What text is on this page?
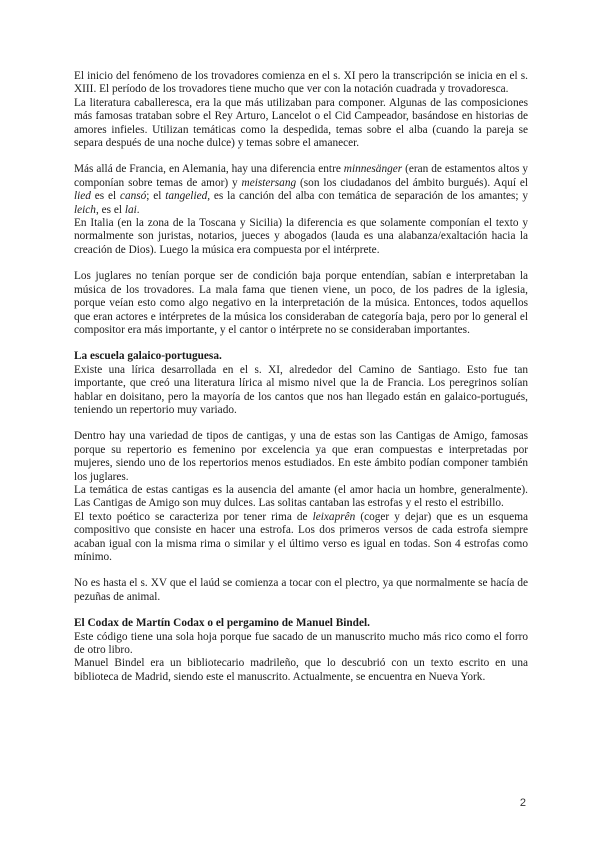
El inicio del fenómeno de los trovadores comienza en el s. XI pero la transcripción se inicia en el s. XIII. El período de los trovadores tiene mucho que ver con la notación cuadrada y trovadoresca.

La literatura caballeresca, era la que más utilizaban para componer. Algunas de las composiciones más famosas trataban sobre el Rey Arturo, Lancelot o el Cid Campeador, basándose en historias de amores infieles. Utilizan temáticas como la despedida, temas sobre el alba (cuando la pareja se separa después de una noche dulce) y temas sobre el amanecer.

Más allá de Francia, en Alemania, hay una diferencia entre minnesänger (eran de estamentos altos y componían sobre temas de amor) y meistersang (son los ciudadanos del ámbito burgués). Aquí el lied es el cansó; el tangelied, es la canción del alba con temática de separación de los amantes; y leich, es el lai.

En Italia (en la zona de la Toscana y Sicilia) la diferencia es que solamente componían el texto y normalmente son juristas, notarios, jueces y abogados (lauda es una alabanza/exaltación hacia la creación de Dios). Luego la música era compuesta por el intérprete.

Los juglares no tenían porque ser de condición baja porque entendían, sabían e interpretaban la música de los trovadores. La mala fama que tienen viene, un poco, de los padres de la iglesia, porque veían esto como algo negativo en la interpretación de la música. Entonces, todos aquellos que eran actores e intérpretes de la música los consideraban de categoría baja, pero por lo general el compositor era más importante, y el cantor o intérprete no se consideraban importantes.

La escuela galaico-portuguesa.

Existe una lírica desarrollada en el s. XI, alrededor del Camino de Santiago. Esto fue tan importante, que creó una literatura lírica al mismo nivel que la de Francia. Los peregrinos solían hablar en doisitano, pero la mayoría de los cantos que nos han llegado están en galaico-portugués, teniendo un repertorio muy variado.

Dentro hay una variedad de tipos de cantigas, y una de estas son las Cantigas de Amigo, famosas porque su repertorio es femenino por excelencia ya que eran compuestas e interpretadas por mujeres, siendo uno de los repertorios menos estudiados. En este ámbito podían componer también los juglares.

La temática de estas cantigas es la ausencia del amante (el amor hacia un hombre, generalmente). Las Cantigas de Amigo son muy dulces. Las solitas cantaban las estrofas y el resto el estribillo.

El texto poético se caracteriza por tener rima de leixaprên (coger y dejar) que es un esquema compositivo que consiste en hacer una estrofa. Los dos primeros versos de cada estrofa siempre acaban igual con la misma rima o similar y el último verso es igual en todas. Son 4 estrofas como mínimo.

No es hasta el s. XV que el laúd se comienza a tocar con el plectro, ya que normalmente se hacía de pezuñas de animal.

El Codax de Martín Codax o el pergamino de Manuel Bindel.

Este código tiene una sola hoja porque fue sacado de un manuscrito mucho más rico como el forro de otro libro.

Manuel Bindel era un bibliotecario madrileño, que lo descubrió con un texto escrito en una biblioteca de Madrid, siendo este el manuscrito. Actualmente, se encuentra en Nueva York.

2
